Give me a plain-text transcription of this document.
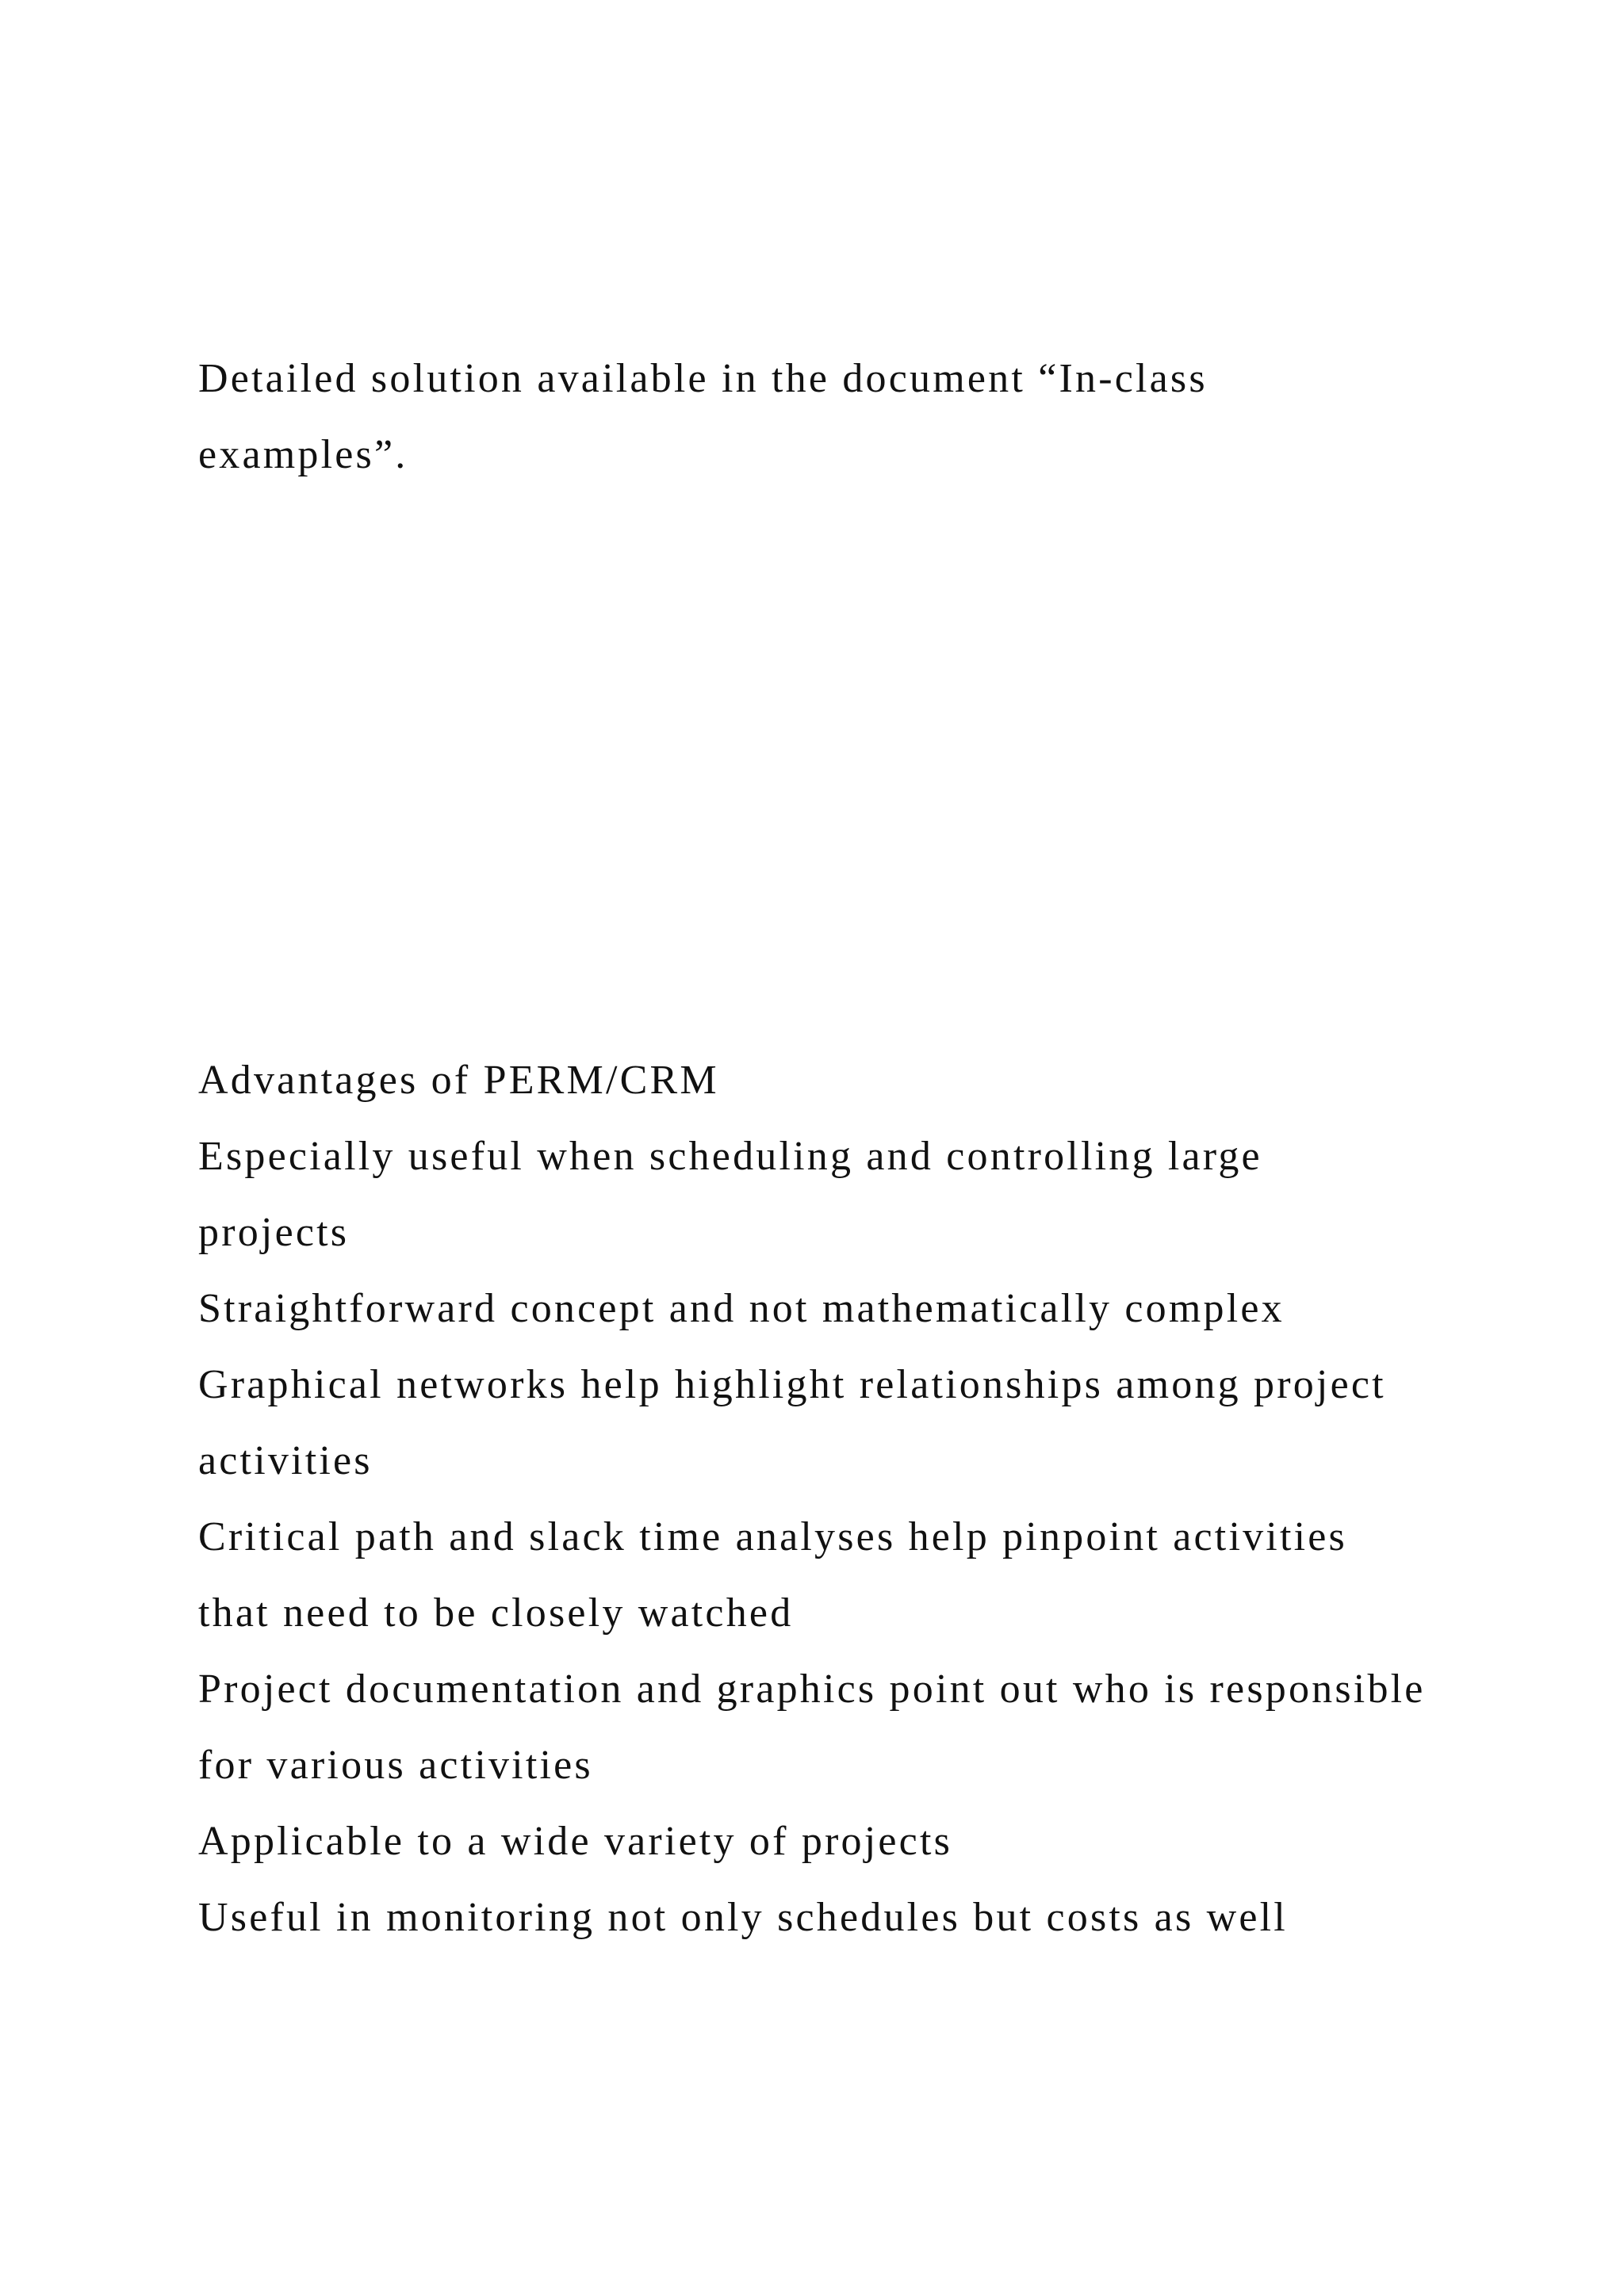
Detailed solution available in the document “In-class

examples”.

Advantages of PERM/CRM

Especially useful when scheduling and controlling large

projects

Straightforward concept and not mathematically complex

Graphical networks help highlight relationships among project

activities

Critical path and slack time analyses help pinpoint activities

that need to be closely watched

Project documentation and graphics point out who is responsible

for various activities

Applicable to a wide variety of projects

Useful in monitoring not only schedules but costs as well
